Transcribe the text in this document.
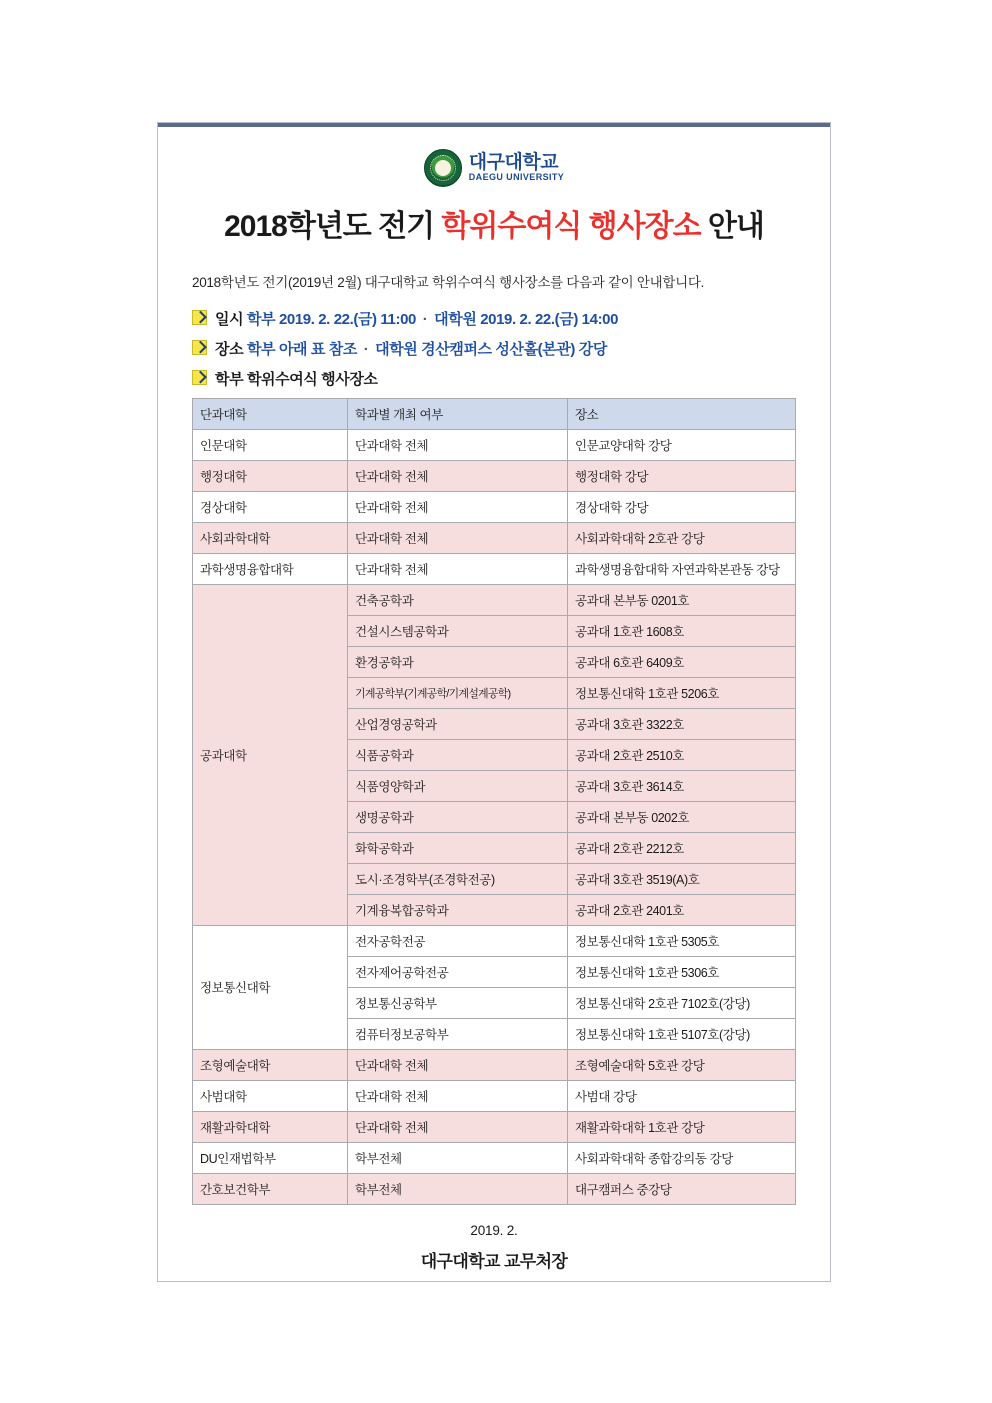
대구대학교
DAEGU UNIVERSITY
2018학년도 전기 학위수여식 행사장소 안내

2018학년도 전기(2019년 2월) 대구대학교 학위수여식 행사장소를 다음과 같이 안내합니다.

일시 학부 2019. 2. 22.(금) 11:00 · 대학원 2019. 2. 22.(금) 14:00
장소 학부 아래 표 참조 · 대학원 경산캠퍼스 성산홀(본관) 강당
학부 학위수여식 행사장소
단과대학	학과별 개최 여부	장소
인문대학	단과대학 전체	인문교양대학 강당
행정대학	단과대학 전체	행정대학 강당
경상대학	단과대학 전체	경상대학 강당
사회과학대학	단과대학 전체	사회과학대학 2호관 강당
과학생명융합대학	단과대학 전체	과학생명융합대학 자연과학본관동 강당
공과대학	건축공학과	공과대 본부동 0201호
	건설시스템공학과	공과대 1호관 1608호
	환경공학과	공과대 6호관 6409호
	기계공학부(기계공학/기계설계공학)	정보통신대학 1호관 5206호
	산업경영공학과	공과대 3호관 3322호
	식품공학과	공과대 2호관 2510호
	식품영양학과	공과대 3호관 3614호
	생명공학과	공과대 본부동 0202호
	화학공학과	공과대 2호관 2212호
	도시·조경학부(조경학전공)	공과대 3호관 3519(A)호
	기계융복합공학과	공과대 2호관 2401호
정보통신대학	전자공학전공	정보통신대학 1호관 5305호
	전자제어공학전공	정보통신대학 1호관 5306호
	정보통신공학부	정보통신대학 2호관 7102호(강당)
	컴퓨터정보공학부	정보통신대학 1호관 5107호(강당)
조형예술대학	단과대학 전체	조형예술대학 5호관 강당
사범대학	단과대학 전체	사범대 강당
재활과학대학	단과대학 전체	재활과학대학 1호관 강당
DU인재법학부	학부전체	사회과학대학 종합강의동 강당
간호보건학부	학부전체	대구캠퍼스 중강당
2019. 2.
대구대학교 교무처장
